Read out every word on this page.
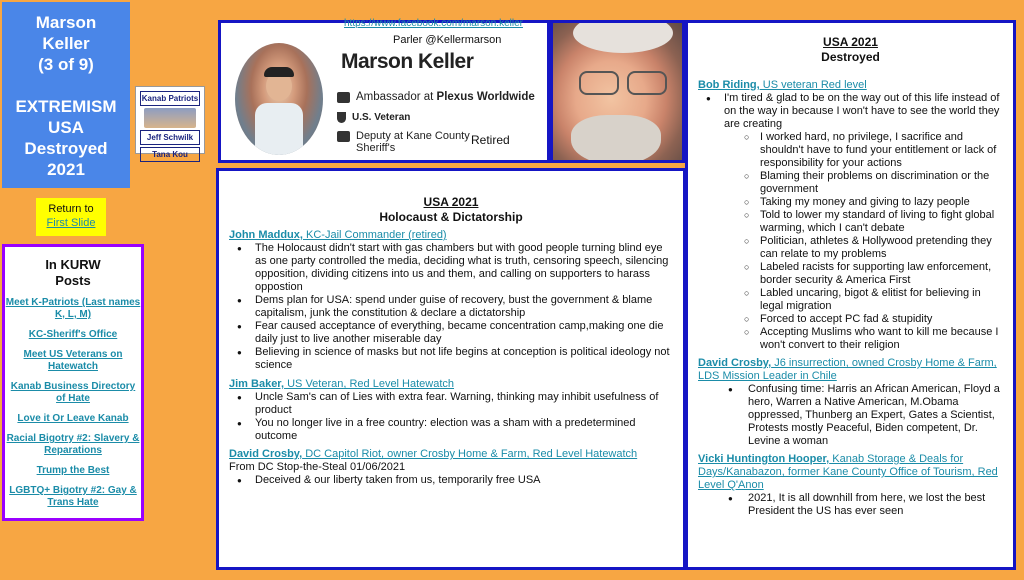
Marson
Keller
(3 of 9)
EXTREMISM
USA
Destroyed
2021
Kanab Patriots
Jeff Schwilk
Tana Kou
Return to
First Slide
In KURW
Posts
Meet K-Patriots (Last names K, L, M)
KC-Sheriff's Office
Meet US Veterans on Hatewatch
Kanab Business Directory of Hate
Love it Or Leave Kanab
Racial Bigotry #2: Slavery & Reparations
Trump the Best
LGBTQ+ Bigotry #2: Gay & Trans Hate
https://www.facebook.com/marson.keller
Parler @Kellermarson
Marson Keller
Ambassador at Plexus Worldwide
U.S. Veteran
Deputy at Kane County
Sheriff's
Retired
USA 2021
Holocaust & Dictatorship
John Maddux, KC-Jail Commander (retired)
● The Holocaust didn't start with gas chambers but with good people turning blind eye as one party controlled the media, deciding what is truth, censoring speech, silencing opposition, dividing citizens into us and them, and calling on supporters to harass oppostion
● Dems plan for USA: spend under guise of recovery, bust the government & blame capitalism, junk the constitution & declare a dictatorship
● Fear caused acceptance of everything, became concentration camp,making one die daily just to live another miserable day
● Believing in science of masks but not life begins at conception is political ideology not science
Jim Baker, US Veteran, Red Level Hatewatch
● Uncle Sam's can of Lies with extra fear. Warning, thinking may inhibit usefulness of product
● You no longer live in a free country: election was a sham with a predetermined outcome
David Crosby, DC Capitol Riot, owner Crosby Home & Farm, Red Level Hatewatch
From DC Stop-the-Steal 01/06/2021
● Deceived & our liberty taken from us, temporarily free USA
USA 2021
Destroyed
Bob Riding, US veteran Red level
● I'm tired & glad to be on the way out of this life instead of on the way in because I won't have to see the world they are creating
○ I worked hard, no privilege, I sacrifice and shouldn't have to fund your entitlement or lack of responsibility for your actions
○ Blaming their problems on discrimination or the government
○ Taking my money and giving to lazy people
○ Told to lower my standard of living to fight global warming, which I can't debate
○ Politician, athletes & Hollywood pretending they can relate to my problems
○ Labeled racists for supporting law enforcement, border security & America First
○ Labled uncaring, bigot & elitist for believing in legal migration
○ Forced to accept PC fad & stupidity
○ Accepting Muslims who want to kill me because I won't convert to their religion
David Crosby, J6 insurrection, owned Crosby Home & Farm, LDS Mission Leader in Chile
● Confusing time: Harris an African American, Floyd a hero, Warren a Native American, M.Obama oppressed, Thunberg an Expert, Gates a Scientist, Protests mostly Peaceful, Biden competent, Dr. Levine a woman
Vicki Huntington Hooper, Kanab Storage & Deals for Days/Kanabazon, former Kane County Office of Tourism, Red Level Q'Anon
● 2021, It is all downhill from here, we lost the best President the US has ever seen
